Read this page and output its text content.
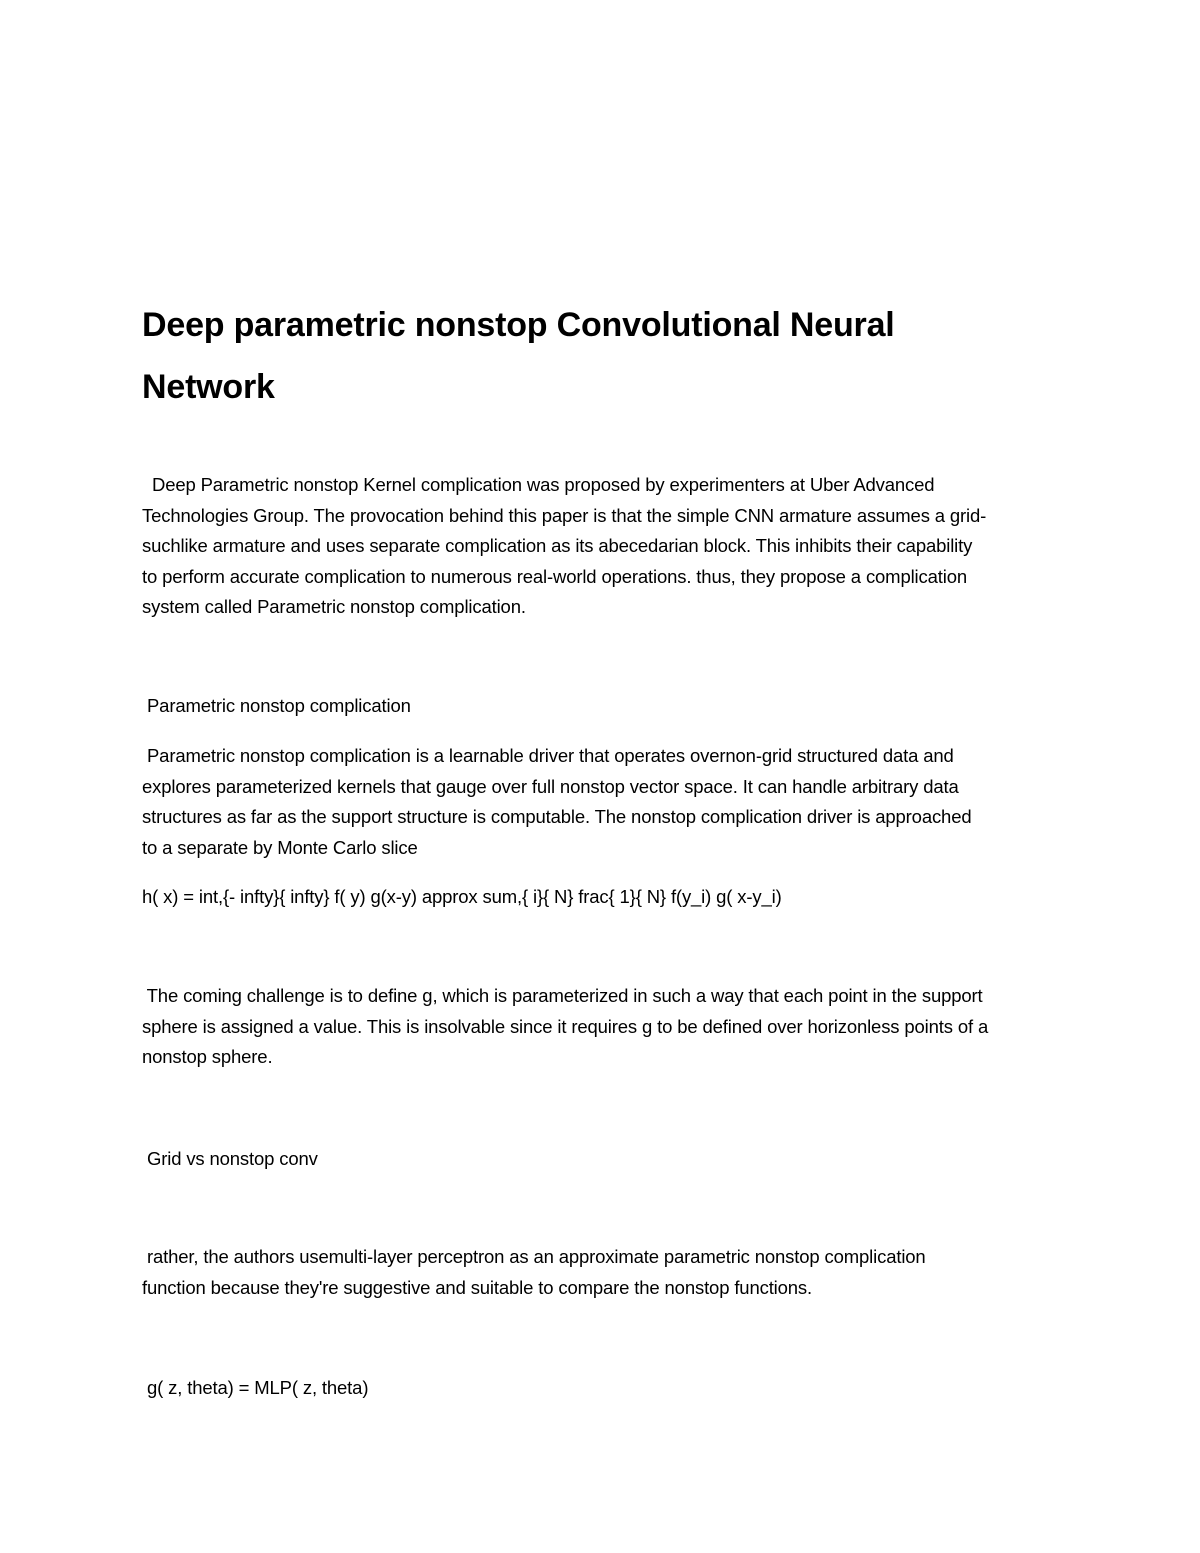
Deep parametric nonstop Convolutional Neural
Network

Deep Parametric nonstop Kernel complication was proposed by experimenters at Uber Advanced
Technologies Group. The provocation behind this paper is that the simple CNN armature assumes a grid-
suchlike armature and uses separate complication as its abecedarian block. This inhibits their capability
to perform accurate complication to numerous real-world operations. thus, they propose a complication
system called Parametric nonstop complication.

Parametric nonstop complication

Parametric nonstop complication is a learnable driver that operates overnon-grid structured data and
explores parameterized kernels that gauge over full nonstop vector space. It can handle arbitrary data
structures as far as the support structure is computable. The nonstop complication driver is approached
to a separate by Monte Carlo slice

h( x) = int,{- infty}{ infty} f( y) g(x-y) approx sum,{ i}{ N} frac{ 1}{ N} f(y_i) g( x-y_i)

The coming challenge is to define g, which is parameterized in such a way that each point in the support
sphere is assigned a value. This is insolvable since it requires g to be defined over horizonless points of a
nonstop sphere.

Grid vs nonstop conv

rather, the authors usemulti-layer perceptron as an approximate parametric nonstop complication
function because they're suggestive and suitable to compare the nonstop functions.

g( z, theta) = MLP( z, theta)
